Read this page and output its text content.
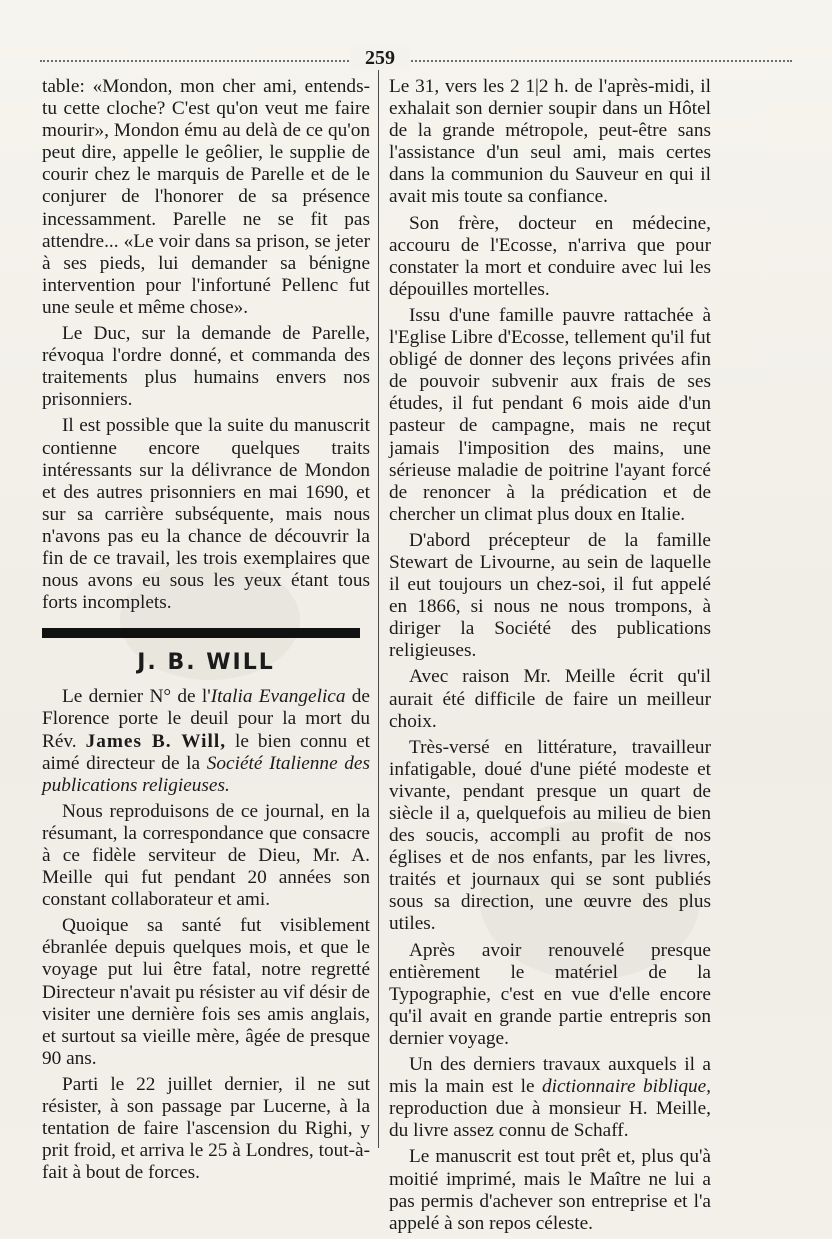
259

table: «Mondon, mon cher ami, entends-tu cette cloche? C'est qu'on veut me faire mourir», Mondon ému au delà de ce qu'on peut dire, appelle le geôlier, le supplie de courir chez le marquis de Parelle et de le conjurer de l'honorer de sa présence incessamment. Parelle ne se fit pas attendre... «Le voir dans sa prison, se jeter à ses pieds, lui demander sa bénigne intervention pour l'infortuné Pellenc fut une seule et même chose».

Le Duc, sur la demande de Parelle, révoqua l'ordre donné, et commanda des traitements plus humains envers nos prisonniers.

Il est possible que la suite du manuscrit contienne encore quelques traits intéressants sur la délivrance de Mondon et des autres prisonniers en mai 1690, et sur sa carrière subséquente, mais nous n'avons pas eu la chance de découvrir la fin de ce travail, les trois exemplaires que nous avons eu sous les yeux étant tous forts incomplets.

J. B. WILL

Le dernier N° de l'Italia Evangelica de Florence porte le deuil pour la mort du Rév. James B. Will, le bien connu et aimé directeur de la Société Italienne des publications religieuses.

Nous reproduisons de ce journal, en la résumant, la correspondance que consacre à ce fidèle serviteur de Dieu, Mr. A. Meille qui fut pendant 20 années son constant collaborateur et ami.

Quoique sa santé fut visiblement ébranlée depuis quelques mois, et que le voyage put lui être fatal, notre regretté Directeur n'avait pu résister au vif désir de visiter une dernière fois ses amis anglais, et surtout sa vieille mère, âgée de presque 90 ans.

Parti le 22 juillet dernier, il ne sut résister, à son passage par Lucerne, à la tentation de faire l'ascension du Righi, y prit froid, et arriva le 25 à Londres, tout-à-fait à bout de forces.

Le 31, vers les 2 1|2 h. de l'après-midi, il exhalait son dernier soupir dans un Hôtel de la grande métropole, peut-être sans l'assistance d'un seul ami, mais certes dans la communion du Sauveur en qui il avait mis toute sa confiance.

Son frère, docteur en médecine, accouru de l'Ecosse, n'arriva que pour constater la mort et conduire avec lui les dépouilles mortelles.

Issu d'une famille pauvre rattachée à l'Eglise Libre d'Ecosse, tellement qu'il fut obligé de donner des leçons privées afin de pouvoir subvenir aux frais de ses études, il fut pendant 6 mois aide d'un pasteur de campagne, mais ne reçut jamais l'imposition des mains, une sérieuse maladie de poitrine l'ayant forcé de renoncer à la prédication et de chercher un climat plus doux en Italie.

D'abord précepteur de la famille Stewart de Livourne, au sein de laquelle il eut toujours un chez-soi, il fut appelé en 1866, si nous ne nous trompons, à diriger la Société des publications religieuses.

Avec raison Mr. Meille écrit qu'il aurait été difficile de faire un meilleur choix.

Très-versé en littérature, travailleur infatigable, doué d'une piété modeste et vivante, pendant presque un quart de siècle il a, quelquefois au milieu de bien des soucis, accompli au profit de nos églises et de nos enfants, par les livres, traités et journaux qui se sont publiés sous sa direction, une œuvre des plus utiles.

Après avoir renouvelé presque entièrement le matériel de la Typographie, c'est en vue d'elle encore qu'il avait en grande partie entrepris son dernier voyage.

Un des derniers travaux auxquels il a mis la main est le dictionnaire biblique, reproduction due à monsieur H. Meille, du livre assez connu de Schaff.

Le manuscrit est tout prêt et, plus qu'à moitié imprimé, mais le Maître ne lui a pas permis d'achever son entreprise et l'a appelé à son repos céleste.
